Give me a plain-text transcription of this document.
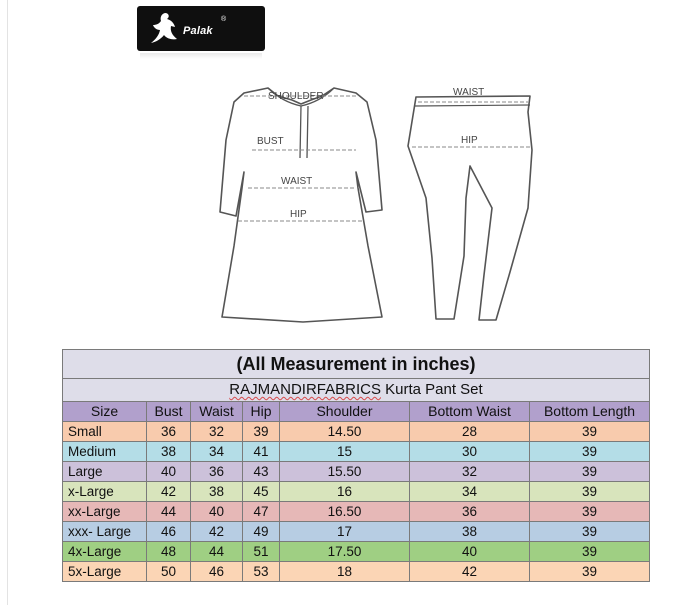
Palak
®
SHOULDER
BUST
WAIST
HIP
WAIST
HIP
(All Measurement in inches)						
RAJMANDIRFABRICS Kurta Pant Set						
Size	Bust	Waist	Hip	Shoulder	Bottom Waist	Bottom Length
Small	36	32	39	14.50	28	39
Medium	38	34	41	15	30	39
Large	40	36	43	15.50	32	39
x-Large	42	38	45	16	34	39
xx-Large	44	40	47	16.50	36	39
xxx- Large	46	42	49	17	38	39
4x-Large	48	44	51	17.50	40	39
5x-Large	50	46	53	18	42	39
